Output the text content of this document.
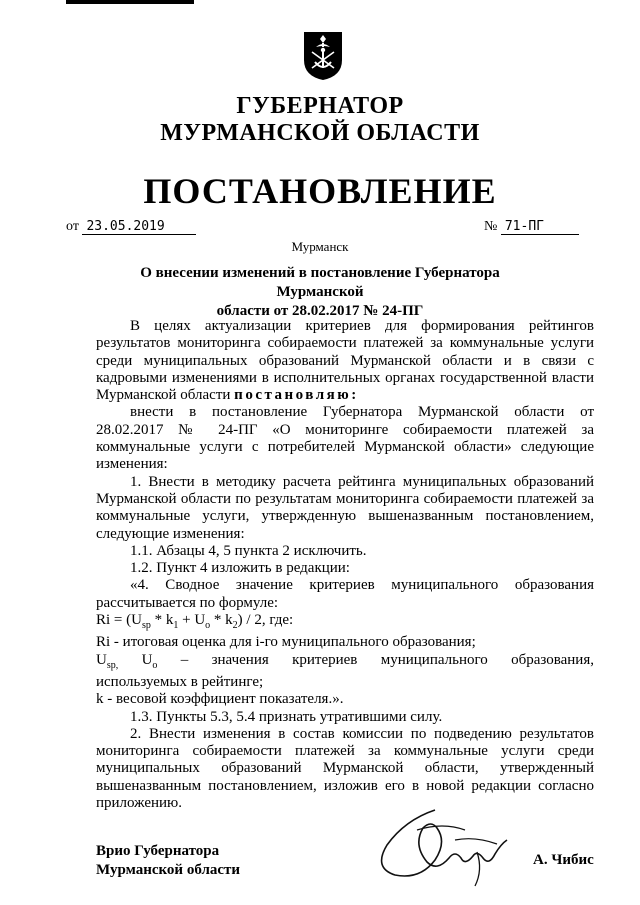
ГУБЕРНАТОР
МУРМАНСКОЙ ОБЛАСТИ
ПОСТАНОВЛЕНИЕ
от 23.05.2019	№ 71-ПГ
Мурманск
О внесении изменений в постановление Губернатора Мурманской
области от 28.02.2017 № 24-ПГ

В целях актуализации критериев для формирования рейтингов

результатов мониторинга собираемости платежей за коммунальные услуги

среди муниципальных образований Мурманской области и в связи с

кадровыми изменениями в исполнительных органах государственной власти

Мурманской области постановляю:

внести в постановление Губернатора Мурманской области от

28.02.2017 № 24-ПГ «О мониторинге собираемости платежей за

коммунальные услуги с потребителей Мурманской области» следующие

изменения:

1. Внести в методику расчета рейтинга муниципальных образований

Мурманской области по результатам мониторинга собираемости платежей за

коммунальные услуги, утвержденную вышеназванным постановлением,

следующие изменения:

1.1. Абзацы 4, 5 пункта 2 исключить.

1.2. Пункт 4 изложить в редакции:

«4. Сводное значение критериев муниципального образования

рассчитывается по формуле:

$Ri = (U_{sp} * k_1 + U_o * k_2) / 2$, где:

Ri - итоговая оценка для i-го муниципального образования;

$U_{sp,}$ $U_o$ – значения критериев муниципального образования,

используемых в рейтинге;

k - весовой коэффициент показателя.».

1.3. Пункты 5.3, 5.4 признать утратившими силу.

2. Внести изменения в состав комиссии по подведению результатов

мониторинга собираемости платежей за коммунальные услуги среди

муниципальных образований Мурманской области, утвержденный

вышеназванным постановлением, изложив его в новой редакции согласно

приложению.

Врио Губернатора
Мурманской области
А. Чибис
